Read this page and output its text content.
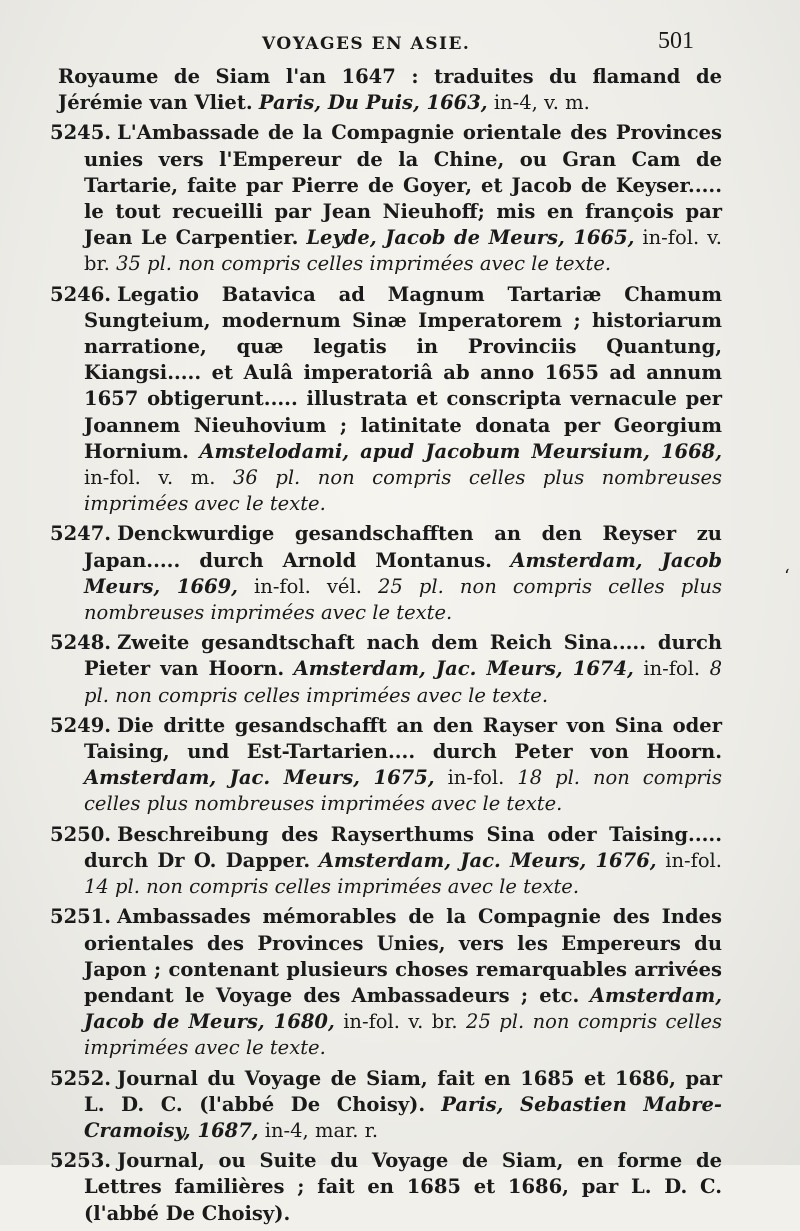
VOYAGES EN ASIE.	501
‘

Royaume de Siam l'an 1647 : traduites du flamand de Jérémie van Vliet. Paris, Du Puis, 1663, in-4, v. m.

5245. L'Ambassade de la Compagnie orientale des Provinces unies vers l'Empereur de la Chine, ou Gran Cam de Tartarie, faite par Pierre de Goyer, et Jacob de Keyser..... le tout recueilli par Jean Nieuhoff; mis en françois par Jean Le Carpentier. Leyde, Jacob de Meurs, 1665, in-fol. v. br. 35 pl. non compris celles imprimées avec le texte.

5246. Legatio Batavica ad Magnum Tartariæ Chamum Sungteium, modernum Sinæ Imperatorem ; historiarum narratione, quæ legatis in Provinciis Quantung, Kiangsi..... et Aulâ imperatoriâ ab anno 1655 ad annum 1657 obtigerunt..... illustrata et conscripta vernacule per Joannem Nieuhovium ; latinitate donata per Georgium Hornium. Amstelodami, apud Jacobum Meursium, 1668, in-fol. v. m. 36 pl. non compris celles plus nombreuses imprimées avec le texte.

5247. Denckwurdige gesandschafften an den Reyser zu Japan..... durch Arnold Montanus. Amsterdam, Jacob Meurs, 1669, in-fol. vél. 25 pl. non compris celles plus nombreuses imprimées avec le texte.

5248. Zweite gesandtschaft nach dem Reich Sina..... durch Pieter van Hoorn. Amsterdam, Jac. Meurs, 1674, in-fol. 8 pl. non compris celles imprimées avec le texte.

5249. Die dritte gesandschafft an den Rayser von Sina oder Taising, und Est-Tartarien.... durch Peter von Hoorn. Amsterdam, Jac. Meurs, 1675, in-fol. 18 pl. non compris celles plus nombreuses imprimées avec le texte.

5250. Beschreibung des Rayserthums Sina oder Taising..... durch Dr O. Dapper. Amsterdam, Jac. Meurs, 1676, in-fol. 14 pl. non compris celles imprimées avec le texte.

5251. Ambassades mémorables de la Compagnie des Indes orientales des Provinces Unies, vers les Empereurs du Japon ; contenant plusieurs choses remarquables arrivées pendant le Voyage des Ambassadeurs ; etc. Amsterdam, Jacob de Meurs, 1680, in-fol. v. br. 25 pl. non compris celles imprimées avec le texte.

5252. Journal du Voyage de Siam, fait en 1685 et 1686, par L. D. C. (l'abbé De Choisy). Paris, Sebastien Mabre-Cramoisy, 1687, in-4, mar. r.

5253. Journal, ou Suite du Voyage de Siam, en forme de Lettres familières ; fait en 1685 et 1686, par L. D. C. (l'abbé De Choisy).
